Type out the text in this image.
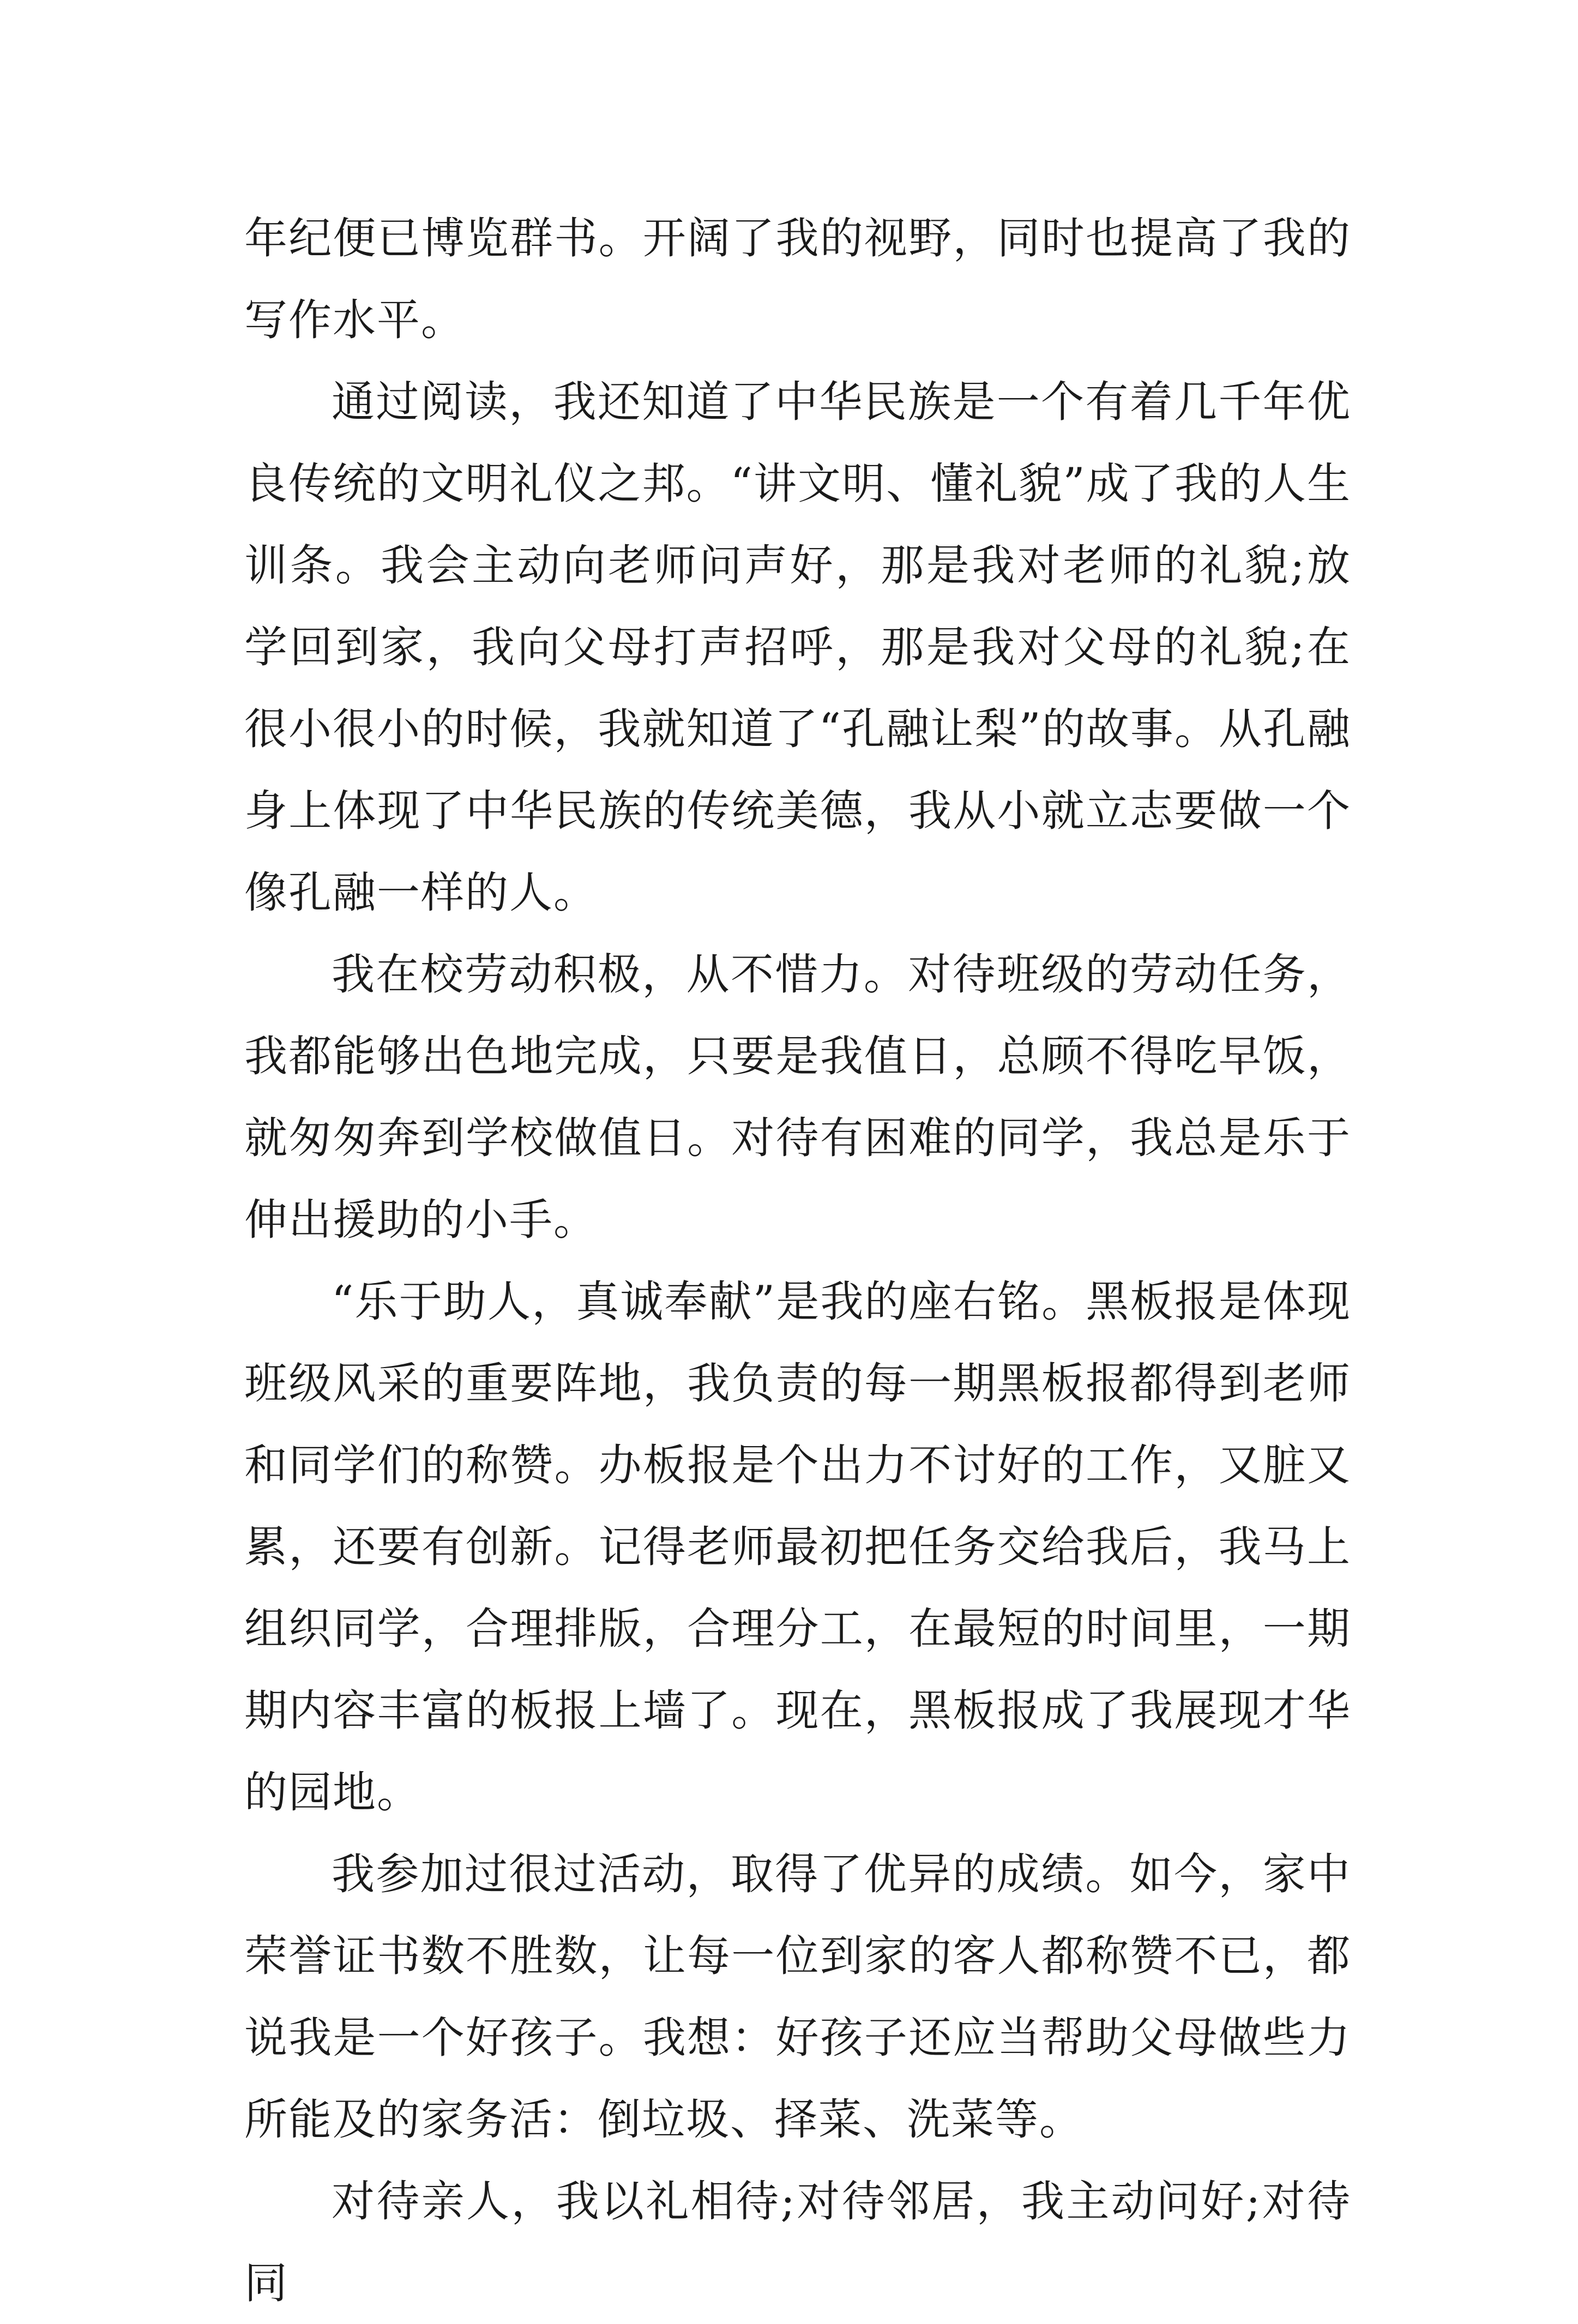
年纪便已博览群书。开阔了我的视野，同时也提高了我的写作水平。

通过阅读，我还知道了中华民族是一个有着几千年优良传统的文明礼仪之邦。“讲文明、懂礼貌”成了我的人生训条。我会主动向老师问声好，那是我对老师的礼貌;放学回到家，我向父母打声招呼，那是我对父母的礼貌;在很小很小的时候，我就知道了“孔融让梨”的故事。从孔融身上体现了中华民族的传统美德，我从小就立志要做一个像孔融一样的人。

我在校劳动积极，从不惜力。对待班级的劳动任务，我都能够出色地完成，只要是我值日，总顾不得吃早饭，就匆匆奔到学校做值日。对待有困难的同学，我总是乐于伸出援助的小手。

“乐于助人，真诚奉献”是我的座右铭。黑板报是体现班级风采的重要阵地，我负责的每一期黑板报都得到老师和同学们的称赞。办板报是个出力不讨好的工作，又脏又累，还要有创新。记得老师最初把任务交给我后，我马上组织同学，合理排版，合理分工，在最短的时间里，一期期内容丰富的板报上墙了。现在，黑板报成了我展现才华的园地。

我参加过很过活动，取得了优异的成绩。如今，家中荣誉证书数不胜数，让每一位到家的客人都称赞不已，都说我是一个好孩子。我想：好孩子还应当帮助父母做些力所能及的家务活：倒垃圾、择菜、洗菜等。

对待亲人，我以礼相待;对待邻居，我主动问好;对待同
